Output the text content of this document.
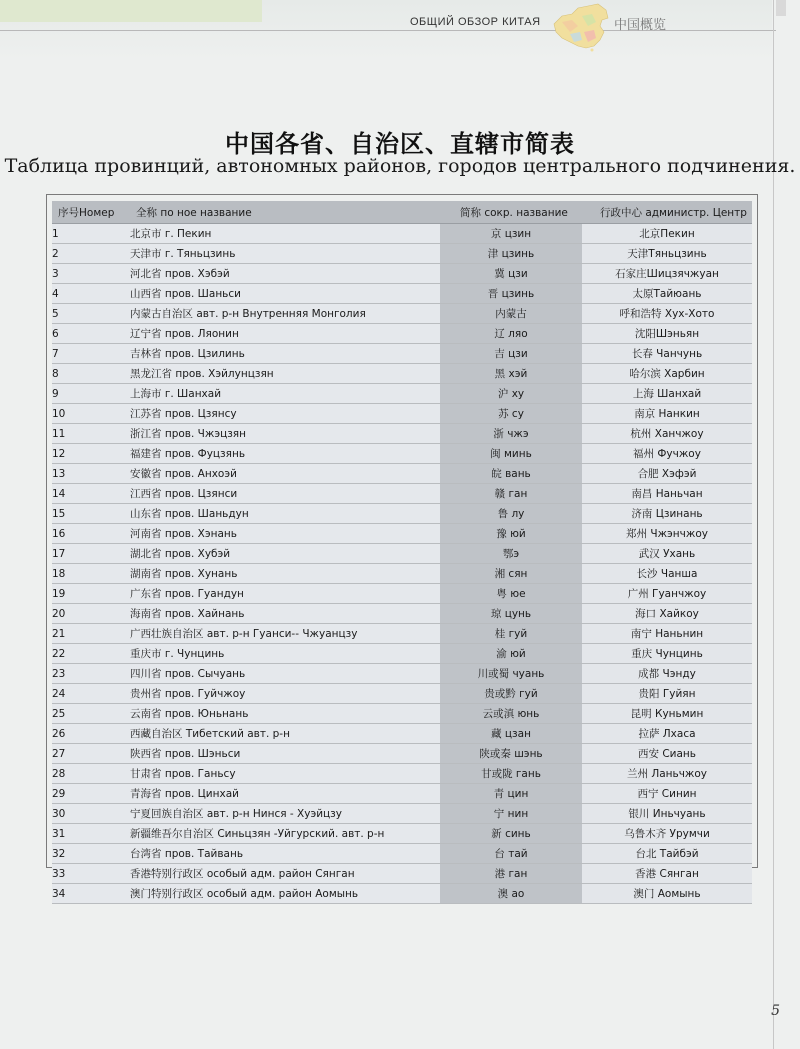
ОБЩИЙ ОБЗОР КИТАЯ	中国概览
中国各省、自治区、直辖市简表
Таблица провинций, автономных районов, городов центрального подчинения.
序号Номер	全称 по ное название	简称 сокр. название	行政中心 администр. Центр
1	北京市 г. Пекин	京 цзин	北京Пекин
2	天津市 г. Тяньцзинь	津 цзинь	天津Тяньцзинь
3	河北省 пров. Хэбэй	冀 цзи	石家庄Шицзячжуан
4	山西省 пров. Шаньси	晋 цзинь	太原Тайюань
5	内蒙古自治区 авт. р-н Внутренняя Монголия	内蒙古	呼和浩特 Хух-Хото
6	辽宁省 пров. Ляонин	辽 ляо	沈阳Шэньян
7	吉林省 пров. Цзилинь	吉 цзи	长春 Чанчунь
8	黑龙江省 пров. Хэйлунцзян	黑 хэй	哈尔滨 Харбин
9	上海市 г. Шанхай	沪 ху	上海 Шанхай
10	江苏省 пров. Цзянсу	苏 су	南京 Нанкин
11	浙江省 пров. Чжэцзян	浙 чжэ	杭州 Ханчжоу
12	福建省 пров. Фуцзянь	闽 минь	福州 Фучжоу
13	安徽省 пров. Анхоэй	皖 вань	合肥 Хэфэй
14	江西省 пров. Цзянси	赣 ган	南昌 Наньчан
15	山东省 пров. Шаньдун	鲁 лу	济南 Цзинань
16	河南省 пров. Хэнань	豫 юй	郑州 Чжэнчжоу
17	湖北省 пров. Хубэй	鄂э	武汉 Ухань
18	湖南省 пров. Хунань	湘 сян	长沙 Чанша
19	广东省 пров. Гуандун	粤 юе	广州 Гуанчжоу
20	海南省 пров. Хайнань	琼 цунь	海口 Хайкоу
21	广西壮族自治区 авт. р-н Гуанси-- Чжуанцзу	桂 гуй	南宁 Наньнин
22	重庆市 г. Чунцинь	渝 юй	重庆 Чунцинь
23	四川省 пров. Сычуань	川或蜀 чуань	成都 Чэнду
24	贵州省 пров. Гуйчжоу	贵或黔 гуй	贵阳 Гуйян
25	云南省 пров. Юньнань	云或滇 юнь	昆明 Куньмин
26	西藏自治区 Тибетский авт. р-н	藏 цзан	拉萨 Лхаса
27	陕西省 пров. Шэньси	陕或秦 шэнь	西安 Сиань
28	甘肃省 пров. Ганьсу	甘或陇 гань	兰州 Ланьчжоу
29	青海省 пров. Цинхай	青 цин	西宁 Синин
30	宁夏回族自治区 авт. р-н Нинся - Хуэйцзу	宁 нин	银川 Иньчуань
31	新疆维吾尔自治区 Синьцзян -Уйгурский. авт. р-н	新 синь	乌鲁木齐 Урумчи
32	台湾省 пров. Тайвань	台 тай	台北 Тайбэй
33	香港特别行政区 особый адм. район Сянган	港 ган	香港 Сянган
34	澳门特别行政区 особый адм. район Аомынь	澳 ао	澳门 Аомынь
5
